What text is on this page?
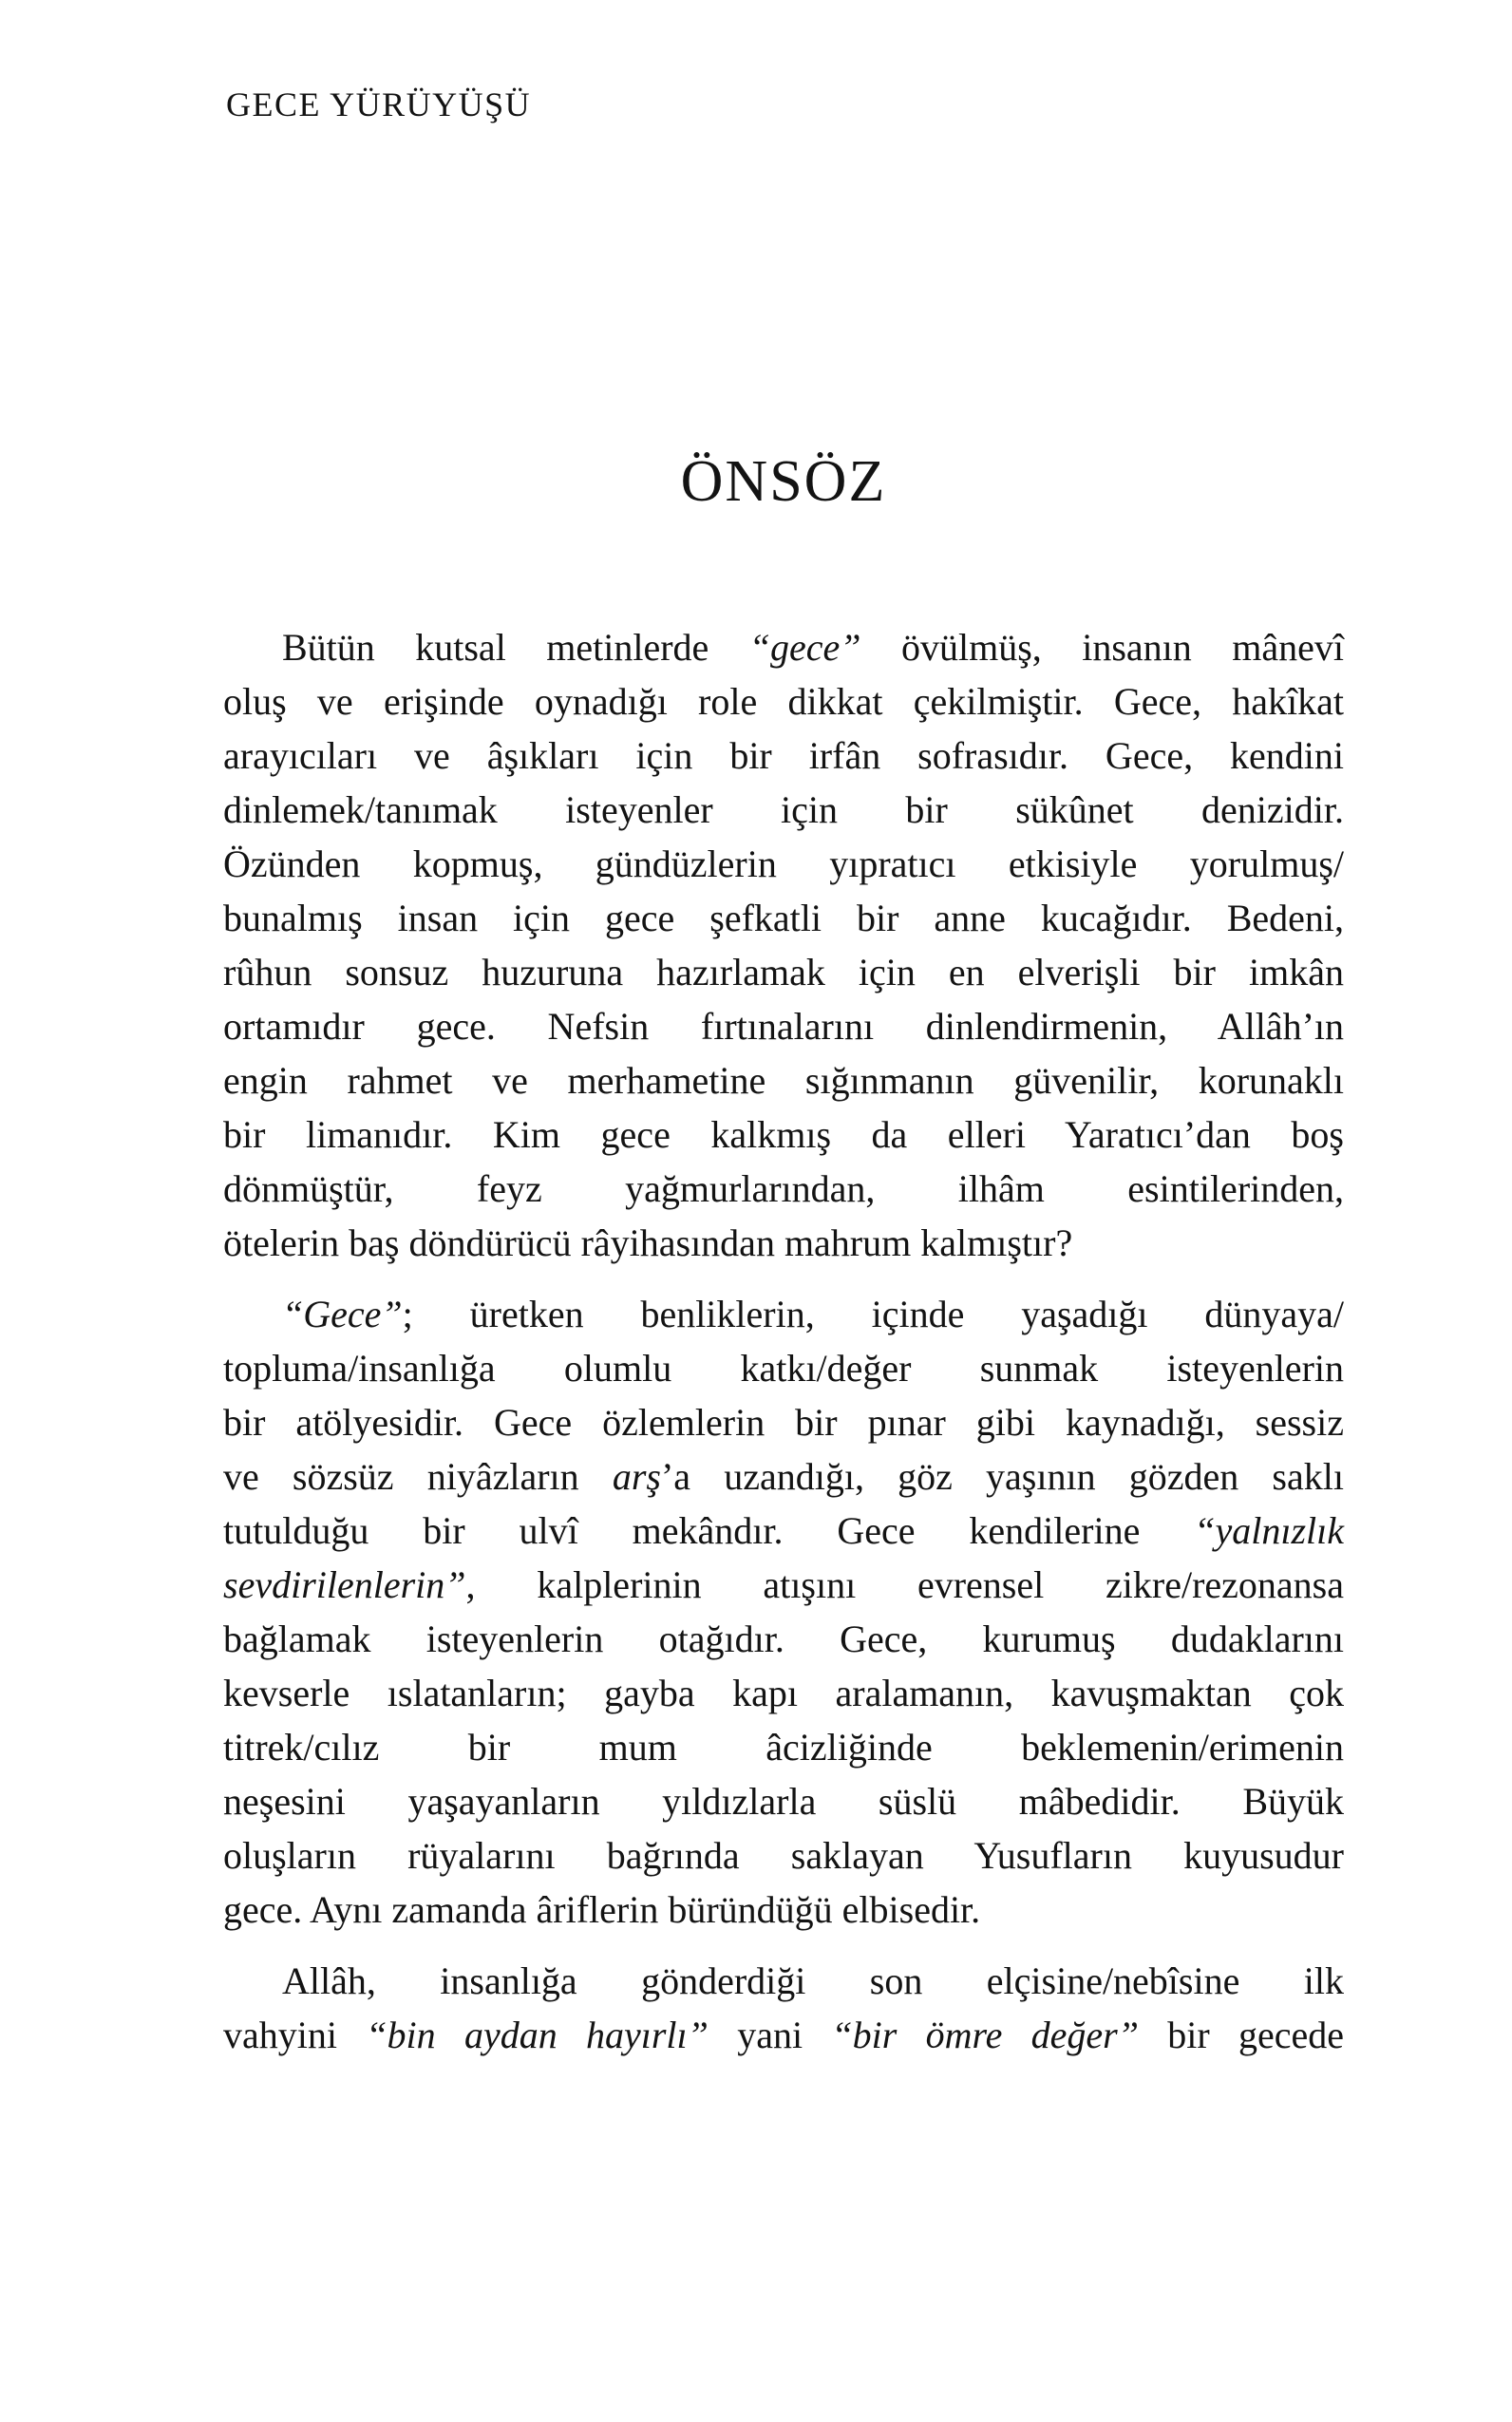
GECE YÜRÜYÜŞÜ
ÖNSÖZ
Bütün kutsal metinlerde “gece” övülmüş, insanın mânevî
oluş ve erişinde oynadığı role dikkat çekilmiştir. Gece, hakîkat
arayıcıları ve âşıkları için bir irfân sofrasıdır. Gece, kendini
dinlemek/tanımak isteyenler için bir sükûnet denizidir.
Özünden kopmuş, gündüzlerin yıpratıcı etkisiyle yorulmuş/
bunalmış insan için gece şefkatli bir anne kucağıdır. Bedeni,
rûhun sonsuz huzuruna hazırlamak için en elverişli bir imkân
ortamıdır gece. Nefsin fırtınalarını dinlendirmenin, Allâh’ın
engin rahmet ve merhametine sığınmanın güvenilir, korunaklı
bir limanıdır. Kim gece kalkmış da elleri Yaratıcı’dan boş
dönmüştür, feyz yağmurlarından, ilhâm esintilerinden,
ötelerin baş döndürücü râyihasından mahrum kalmıştır?
“Gece”; üretken benliklerin, içinde yaşadığı dünyaya/
topluma/insanlığa olumlu katkı/değer sunmak isteyenlerin
bir atölyesidir. Gece özlemlerin bir pınar gibi kaynadığı, sessiz
ve sözsüz niyâzların arş’a uzandığı, göz yaşının gözden saklı
tutulduğu bir ulvî mekândır. Gece kendilerine “yalnızlık
sevdirilenlerin”, kalplerinin atışını evrensel zikre/rezonansa
bağlamak isteyenlerin otağıdır. Gece, kurumuş dudaklarını
kevserle ıslatanların; gayba kapı aralamanın, kavuşmaktan çok
titrek/cılız bir mum âcizliğinde beklemenin/erimenin
neşesini yaşayanların yıldızlarla süslü mâbedidir. Büyük
oluşların rüyalarını bağrında saklayan Yusufların kuyusudur
gece. Aynı zamanda âriflerin büründüğü elbisedir.
Allâh, insanlığa gönderdiği son elçisine/nebîsine ilk
vahyini “bin aydan hayırlı” yani “bir ömre değer” bir gecede
